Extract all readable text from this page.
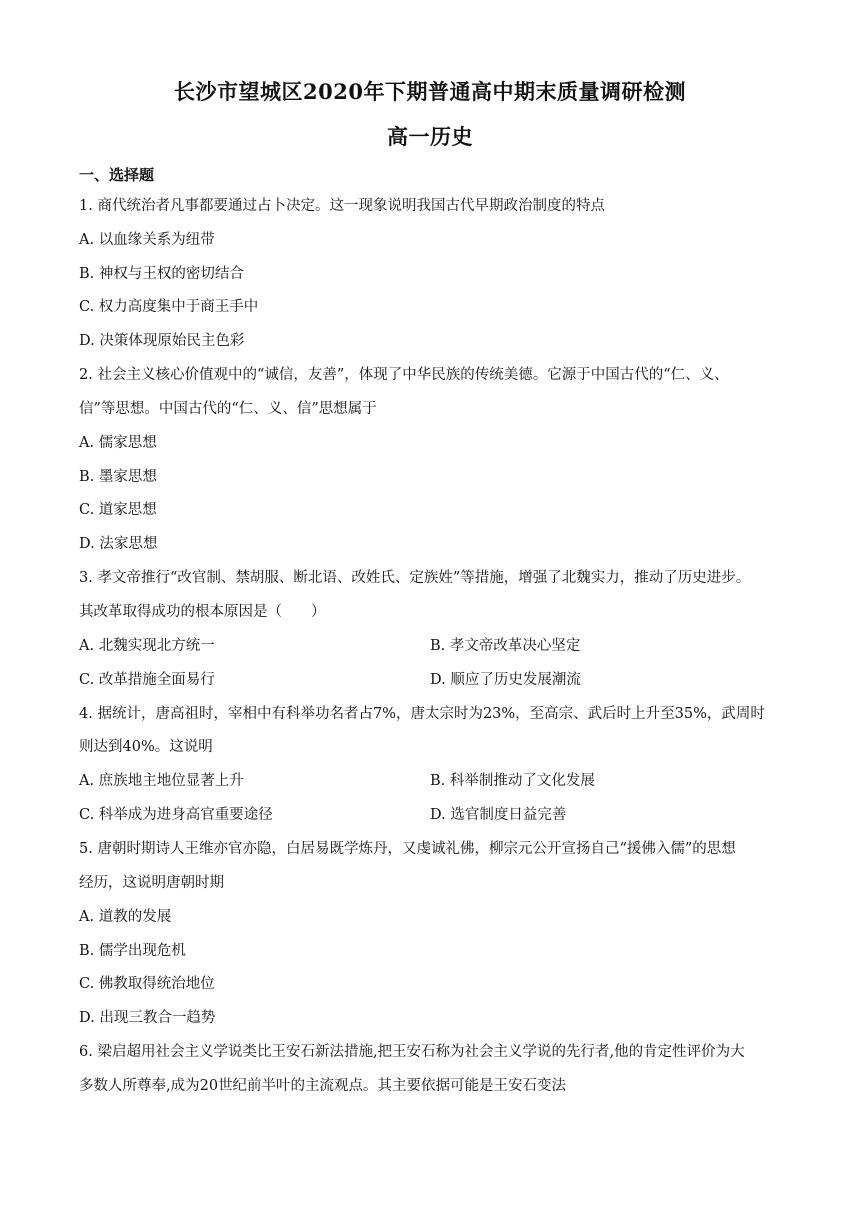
长沙市望城区2020年下期普通高中期末质量调研检测
高一历史
一、选择题
1. 商代统治者凡事都要通过占卜决定。这一现象说明我国古代早期政治制度的特点
A. 以血缘关系为纽带
B. 神权与王权的密切结合
C. 权力高度集中于商王手中
D. 决策体现原始民主色彩
2. 社会主义核心价值观中的“诚信，友善”，体现了中华民族的传统美德。它源于中国古代的“仁、义、
信”等思想。中国古代的“仁、义、信”思想属于
A. 儒家思想
B. 墨家思想
C. 道家思想
D. 法家思想
3. 孝文帝推行“改官制、禁胡服、断北语、改姓氏、定族姓”等措施，增强了北魏实力，推动了历史进步。
其改革取得成功的根本原因是（　　）
A. 北魏实现北方统一	B. 孝文帝改革决心坚定
C. 改革措施全面易行	D. 顺应了历史发展潮流
4. 据统计，唐高祖时，宰相中有科举功名者占7%，唐太宗时为23%，至高宗、武后时上升至35%，武周时
则达到40%。这说明
A. 庶族地主地位显著上升	B. 科举制推动了文化发展
C. 科举成为进身高官重要途径	D. 选官制度日益完善
5. 唐朝时期诗人王维亦官亦隐，白居易既学炼丹，又虔诚礼佛，柳宗元公开宣扬自己“援佛入儒”的思想
经历，这说明唐朝时期
A. 道教的发展
B. 儒学出现危机
C. 佛教取得统治地位
D. 出现三教合一趋势
6. 梁启超用社会主义学说类比王安石新法措施,把王安石称为社会主义学说的先行者,他的肯定性评价为大
多数人所尊奉,成为20世纪前半叶的主流观点。其主要依据可能是王安石变法
